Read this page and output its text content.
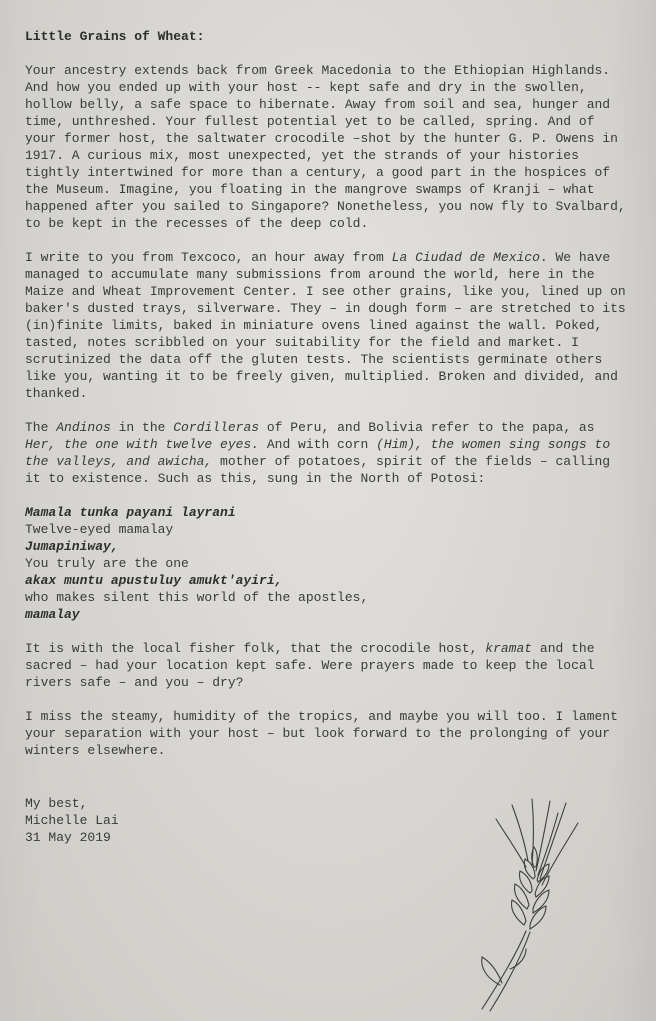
Little Grains of Wheat:

Your ancestry extends back from Greek Macedonia to the Ethiopian Highlands. And how you ended up with your host -- kept safe and dry in the swollen, hollow belly, a safe space to hibernate. Away from soil and sea, hunger and time, unthreshed. Your fullest potential yet to be called, spring. And of your former host, the saltwater crocodile –shot by the hunter G. P. Owens in 1917. A curious mix, most unexpected, yet the strands of your histories tightly intertwined for more than a century, a good part in the hospices of the Museum. Imagine, you floating in the mangrove swamps of Kranji – what happened after you sailed to Singapore? Nonetheless, you now fly to Svalbard, to be kept in the recesses of the deep cold.

I write to you from Texcoco, an hour away from La Ciudad de Mexico. We have managed to accumulate many submissions from around the world, here in the Maize and Wheat Improvement Center. I see other grains, like you, lined up on baker's dusted trays, silverware. They – in dough form – are stretched to its (in)finite limits, baked in miniature ovens lined against the wall. Poked, tasted, notes scribbled on your suitability for the field and market. I scrutinized the data off the gluten tests. The scientists germinate others like you, wanting it to be freely given, multiplied. Broken and divided, and thanked.

The Andinos in the Cordilleras of Peru, and Bolivia refer to the papa, as Her, the one with twelve eyes. And with corn (Him), the women sing songs to the valleys, and awicha, mother of potatoes, spirit of the fields – calling it to existence. Such as this, sung in the North of Potosi:

Mamala tunka payani layrani
Twelve-eyed mamalay
Jumapiniway,
You truly are the one
akax muntu apustuluy amukt'ayiri,
who makes silent this world of the apostles,
mamalay

It is with the local fisher folk, that the crocodile host, kramat and the sacred – had your location kept safe. Were prayers made to keep the local rivers safe – and you – dry?

I miss the steamy, humidity of the tropics, and maybe you will too. I lament your separation with your host – but look forward to the prolonging of your winters elsewhere.

My best,
Michelle Lai
31 May 2019
